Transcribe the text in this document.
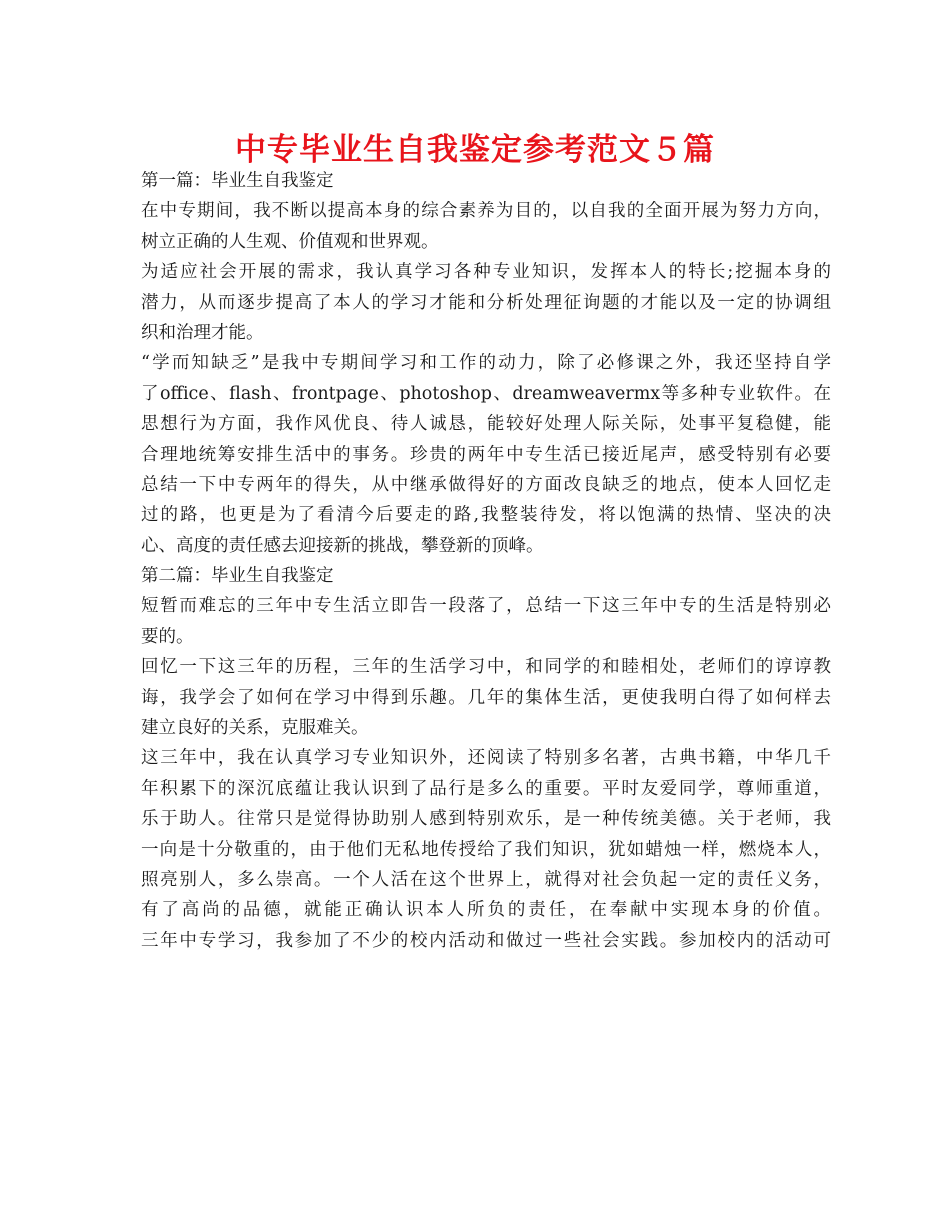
中专毕业生自我鉴定参考范文５篇
第一篇：毕业生自我鉴定
在中专期间，我不断以提高本身的综合素养为目的，以自我的全面开展为努力方向，
树立正确的人生观、价值观和世界观。
为适应社会开展的需求，我认真学习各种专业知识，发挥本人的特长;挖掘本身的
潜力，从而逐步提高了本人的学习才能和分析处理征询题的才能以及一定的协调组
织和治理才能。
“学而知缺乏”是我中专期间学习和工作的动力，除了必修课之外，我还坚持自学
了office、flash、frontpage、photoshop、dreamweavermx等多种专业软件。在
思想行为方面，我作风优良、待人诚恳，能较好处理人际关际，处事平复稳健，能
合理地统筹安排生活中的事务。珍贵的两年中专生活已接近尾声，感受特别有必要
总结一下中专两年的得失，从中继承做得好的方面改良缺乏的地点，使本人回忆走
过的路，也更是为了看清今后要走的路,我整装待发，将以饱满的热情、坚决的决
心、高度的责任感去迎接新的挑战，攀登新的顶峰。
第二篇：毕业生自我鉴定
短暂而难忘的三年中专生活立即告一段落了，总结一下这三年中专的生活是特别必
要的。
回忆一下这三年的历程，三年的生活学习中，和同学的和睦相处，老师们的谆谆教
诲，我学会了如何在学习中得到乐趣。几年的集体生活，更使我明白得了如何样去
建立良好的关系，克服难关。
这三年中，我在认真学习专业知识外，还阅读了特别多名著，古典书籍，中华几千
年积累下的深沉底蕴让我认识到了品行是多么的重要。平时友爱同学，尊师重道，
乐于助人。往常只是觉得协助别人感到特别欢乐，是一种传统美德。关于老师，我
一向是十分敬重的，由于他们无私地传授给了我们知识，犹如蜡烛一样，燃烧本人，
照亮别人，多么崇高。一个人活在这个世界上，就得对社会负起一定的责任义务，
有了高尚的品德，就能正确认识本人所负的责任，在奉献中实现本身的价值。
三年中专学习，我参加了不少的校内活动和做过一些社会实践。参加校内的活动可
